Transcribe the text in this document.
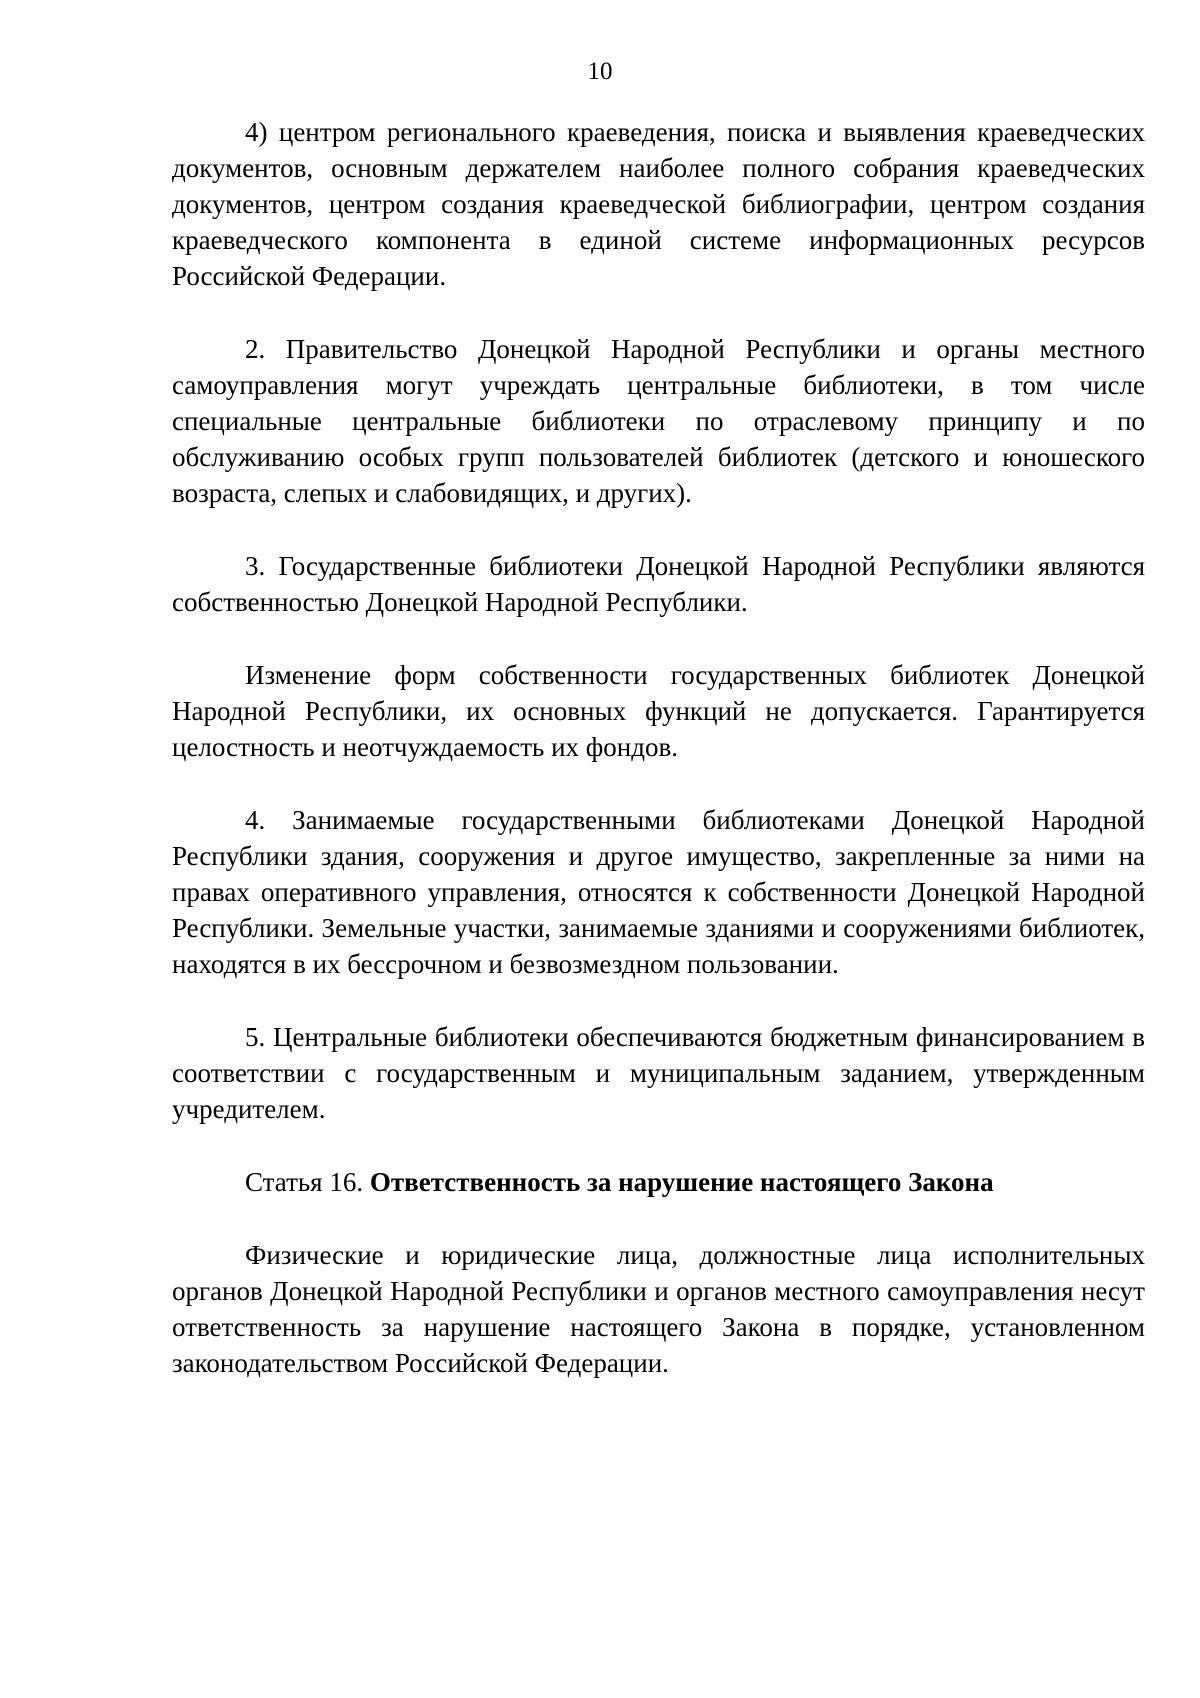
10

4) центром регионального краеведения, поиска и выявления краеведческих документов, основным держателем наиболее полного собрания краеведческих документов, центром создания краеведческой библиографии, центром создания краеведческого компонента в единой системе информационных ресурсов Российской Федерации.

2. Правительство Донецкой Народной Республики и органы местного самоуправления могут учреждать центральные библиотеки, в том числе специальные центральные библиотеки по отраслевому принципу и по обслуживанию особых групп пользователей библиотек (детского и юношеского возраста, слепых и слабовидящих, и других).

3. Государственные библиотеки Донецкой Народной Республики являются собственностью Донецкой Народной Республики.

Изменение форм собственности государственных библиотек Донецкой Народной Республики, их основных функций не допускается. Гарантируется целостность и неотчуждаемость их фондов.

4. Занимаемые государственными библиотеками Донецкой Народной Республики здания, сооружения и другое имущество, закрепленные за ними на правах оперативного управления, относятся к собственности Донецкой Народной Республики. Земельные участки, занимаемые зданиями и сооружениями библиотек, находятся в их бессрочном и безвозмездном пользовании.

5. Центральные библиотеки обеспечиваются бюджетным финансированием в соответствии с государственным и муниципальным заданием, утвержденным учредителем.

Статья 16. Ответственность за нарушение настоящего Закона

Физические и юридические лица, должностные лица исполнительных органов Донецкой Народной Республики и органов местного самоуправления несут ответственность за нарушение настоящего Закона в порядке, установленном законодательством Российской Федерации.
